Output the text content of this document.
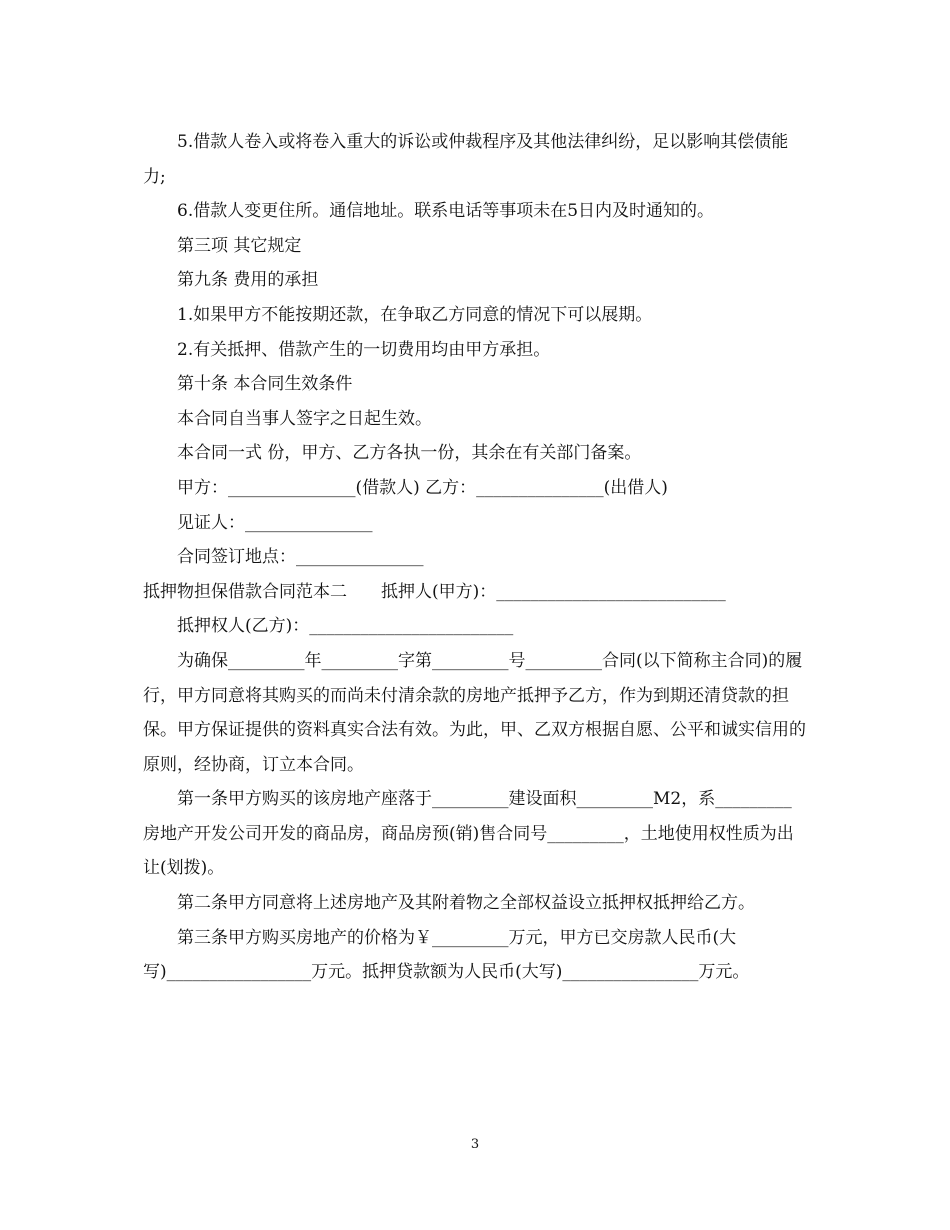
5.借款人卷入或将卷入重大的诉讼或仲裁程序及其他法律纠纷，足以影响其偿债能力;

6.借款人变更住所。通信地址。联系电话等事项未在5日内及时通知的。

第三项 其它规定

第九条 费用的承担

1.如果甲方不能按期还款，在争取乙方同意的情况下可以展期。

2.有关抵押、借款产生的一切费用均由甲方承担。

第十条 本合同生效条件

本合同自当事人签字之日起生效。

本合同一式 份，甲方、乙方各执一份，其余在有关部门备案。

甲方：_______________(借款人) 乙方：_______________(出借人)

见证人：_______________

合同签订地点：_______________

抵押物担保借款合同范本二　　抵押人(甲方)：___________________________

抵押权人(乙方)：________________________

为确保_________年_________字第_________号_________合同(以下简称主合同)的履行，甲方同意将其购买的而尚未付清余款的房地产抵押予乙方，作为到期还清贷款的担保。甲方保证提供的资料真实合法有效。为此，甲、乙双方根据自愿、公平和诚实信用的原则，经协商，订立本合同。

第一条甲方购买的该房地产座落于_________建设面积_________M2，系_________房地产开发公司开发的商品房，商品房预(销)售合同号_________，土地使用权性质为出让(划拨)。

第二条甲方同意将上述房地产及其附着物之全部权益设立抵押权抵押给乙方。

第三条甲方购买房地产的价格为￥_________万元，甲方已交房款人民币(大写)_________________万元。抵押贷款额为人民币(大写)________________万元。

3
